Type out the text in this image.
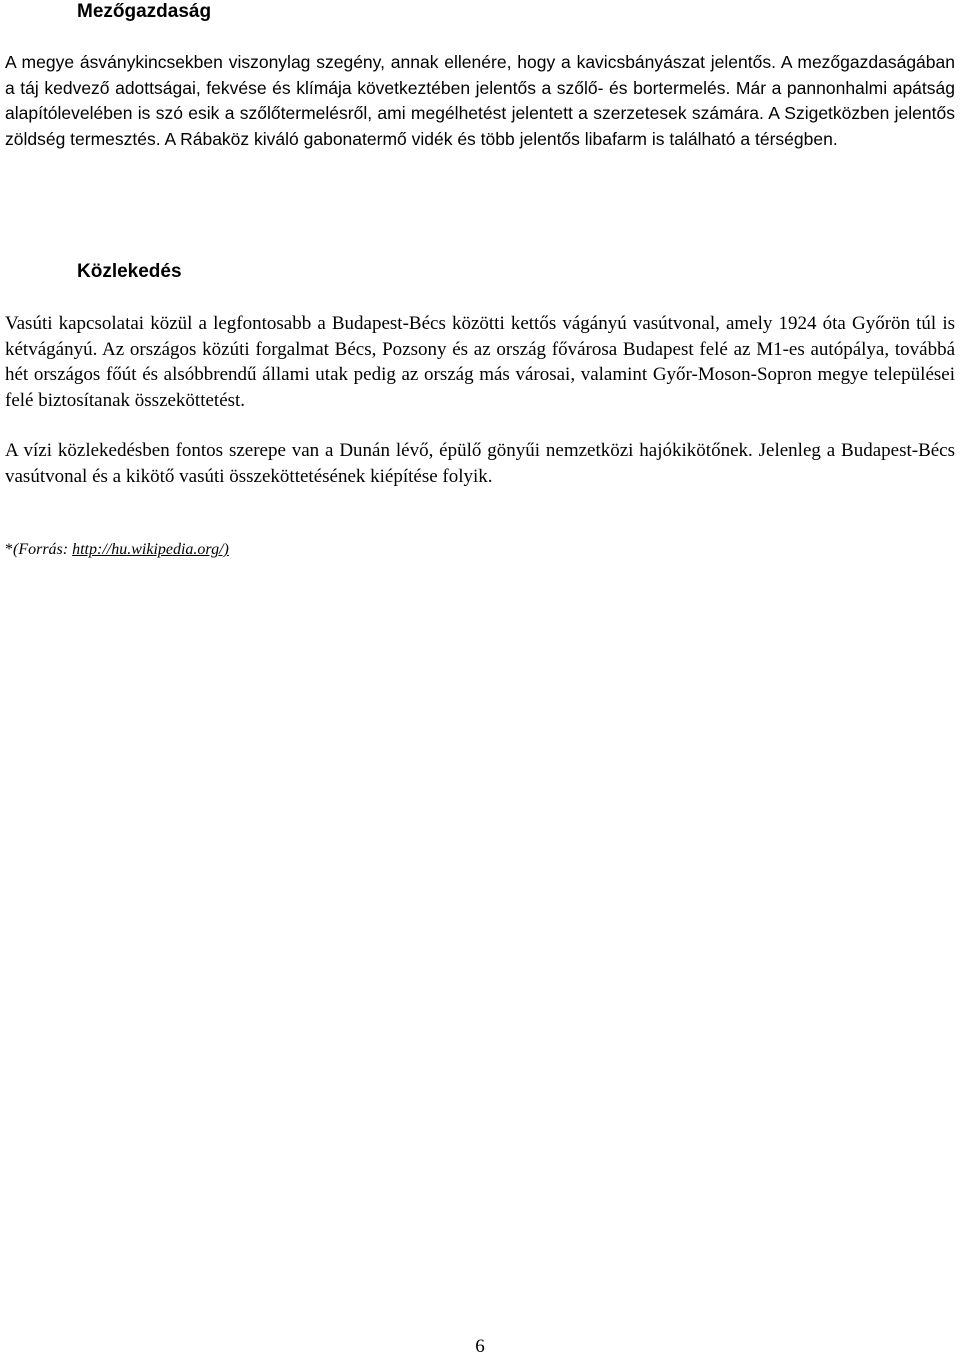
Mezőgazdaság

A megye ásványkincsekben viszonylag szegény, annak ellenére, hogy a kavicsbányászat jelentős. A mezőgazdaságában a táj kedvező adottságai, fekvése és klímája következtében jelentős a szőlő- és bortermelés. Már a pannonhalmi apátság alapítólevelében is szó esik a szőlőtermelésről, ami megélhetést jelentett a szerzetesek számára. A Szigetközben jelentős zöldség termesztés. A Rábaköz kiváló gabonatermő vidék és több jelentős libafarm is található a térségben.

Közlekedés

Vasúti kapcsolatai közül a legfontosabb a Budapest-Bécs közötti kettős vágányú vasútvonal, amely 1924 óta Győrön túl is kétvágányú. Az országos közúti forgalmat Bécs, Pozsony és az ország fővárosa Budapest felé az M1-es autópálya, továbbá hét országos főút és alsóbbrendű állami utak pedig az ország más városai, valamint Győr-Moson-Sopron megye települései felé biztosítanak összeköttetést.

A vízi közlekedésben fontos szerepe van a Dunán lévő, épülő gönyűi nemzetközi hajókikötőnek. Jelenleg a Budapest-Bécs vasútvonal és a kikötő vasúti összeköttetésének kiépítése folyik.

*(Forrás: http://hu.wikipedia.org/)

6
